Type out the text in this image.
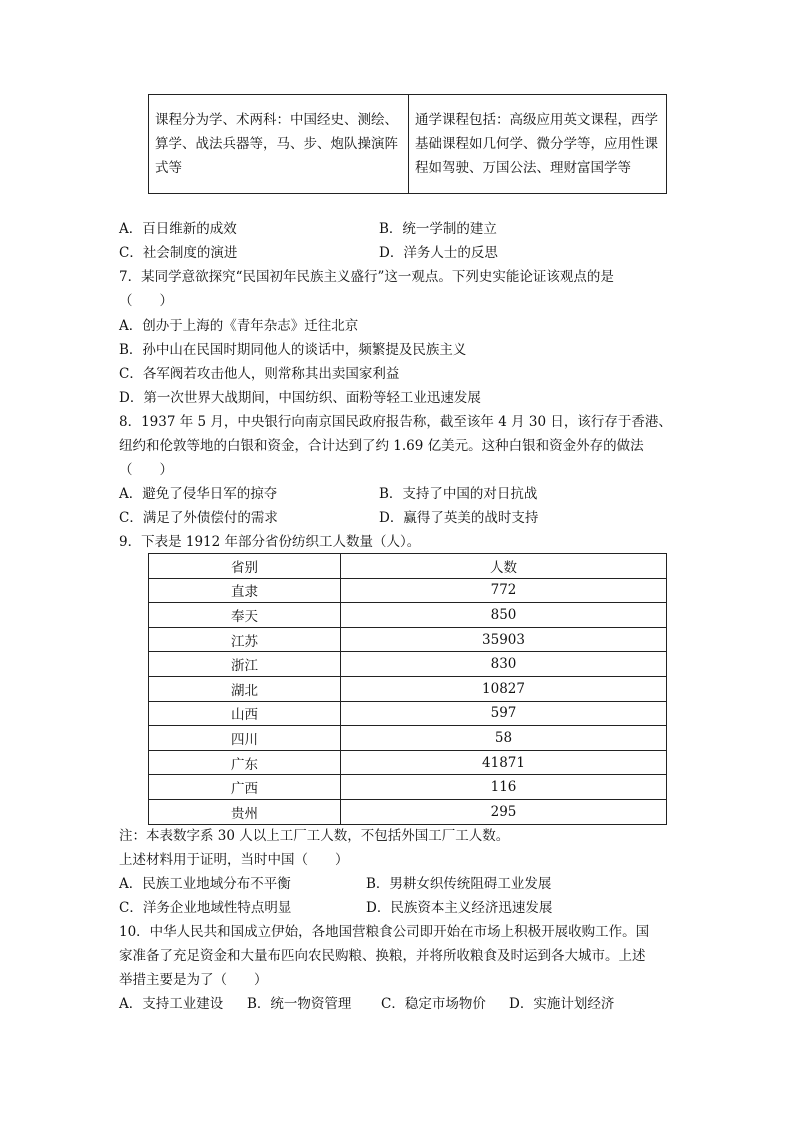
课程分为学、术两科：中国经史、测绘、算学、战法兵器等，马、步、炮队操演阵式等	通学课程包括：高级应用英文课程，西学基础课程如几何学、微分学等，应用性课程如驾驶、万国公法、理财富国学等
A．百日维新的成效	B．统一学制的建立
C．社会制度的演进	D．洋务人士的反思
7．某同学意欲探究“民国初年民族主义盛行”这一观点。下列史实能论证该观点的是
（　　）
A．创办于上海的《青年杂志》迁往北京
B．孙中山在民国时期同他人的谈话中，频繁提及民族主义
C．各军阀若攻击他人，则常称其出卖国家利益
D．第一次世界大战期间，中国纺织、面粉等轻工业迅速发展
8．1937 年 5 月，中央银行向南京国民政府报告称，截至该年 4 月 30 日，该行存于香港、
纽约和伦敦等地的白银和资金，合计达到了约 1.69 亿美元。这种白银和资金外存的做法
（　　）
A．避免了侵华日军的掠夺	B．支持了中国的对日抗战
C．满足了外债偿付的需求	D．赢得了英美的战时支持
9．下表是 1912 年部分省份纺织工人数量（人）。
省别	人数
直隶	772
奉天	850
江苏	35903
浙江	830
湖北	10827
山西	597
四川	58
广东	41871
广西	116
贵州	295
注：本表数字系 30 人以上工厂工人数，不包括外国工厂工人数。
上述材料用于证明，当时中国（　　）
A．民族工业地域分布不平衡	B．男耕女织传统阻碍工业发展
C．洋务企业地域性特点明显	D．民族资本主义经济迅速发展
10．中华人民共和国成立伊始，各地国营粮食公司即开始在市场上积极开展收购工作。国
家准备了充足资金和大量布匹向农民购粮、换粮，并将所收粮食及时运到各大城市。上述
举措主要是为了（　　）
A．支持工业建设 B．统一物资管理 C．稳定市场物价 D．实施计划经济
